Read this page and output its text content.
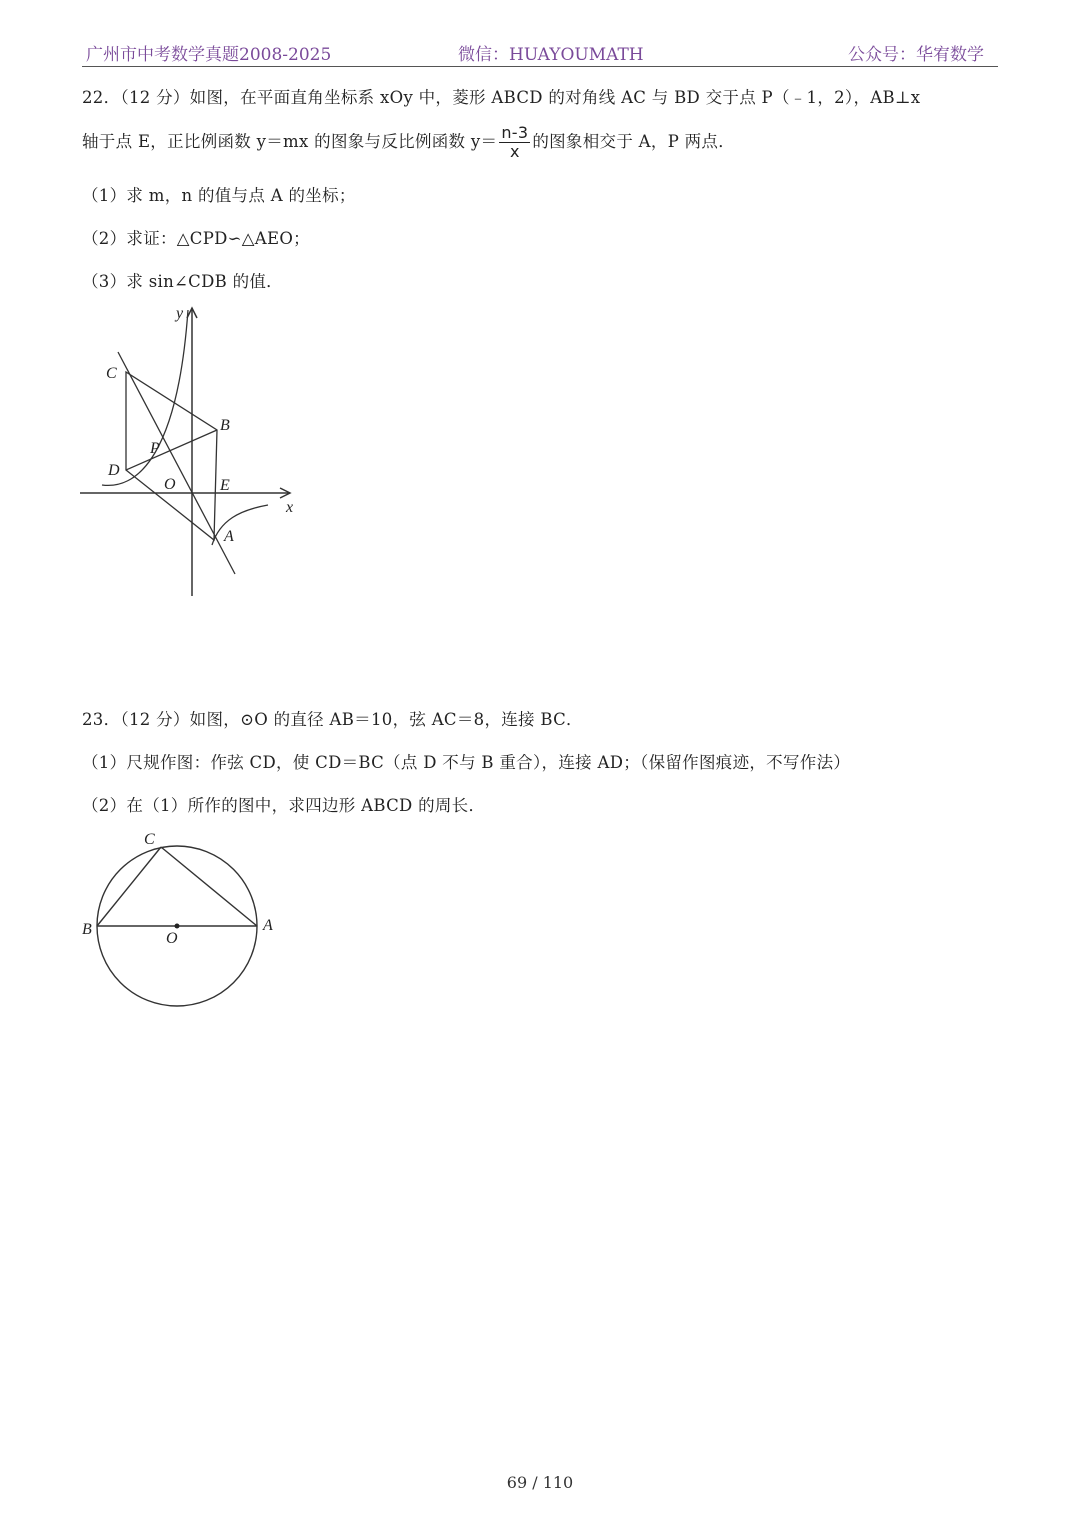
广州市中考数学真题2008-2025	微信：HUAYOUMATH	公众号：华宥数学
22．（12 分）如图，在平面直角坐标系 xOy 中，菱形 ABCD 的对角线 AC 与 BD 交于点 P（﹣1，2），AB⊥x
轴于点 E，正比例函数 y＝mx 的图象与反比例函数 $y= \frac{n-3}{x}$ 的图象相交于 A，P 两点．
（1）求 m，n 的值与点 A 的坐标；
（2）求证：△CPD∽△AEO；
（3）求 sin∠CDB 的值．
y
x
C
B
P
D
O	E
A
23．（12 分）如图，⊙O 的直径 AB＝10，弦 AC＝8，连接 BC．
（1）尺规作图：作弦 CD，使 CD＝BC（点 D 不与 B 重合），连接 AD；（保留作图痕迹，不写作法）
（2）在（1）所作的图中，求四边形 ABCD 的周长．
C
B
O
A
69 / 110
